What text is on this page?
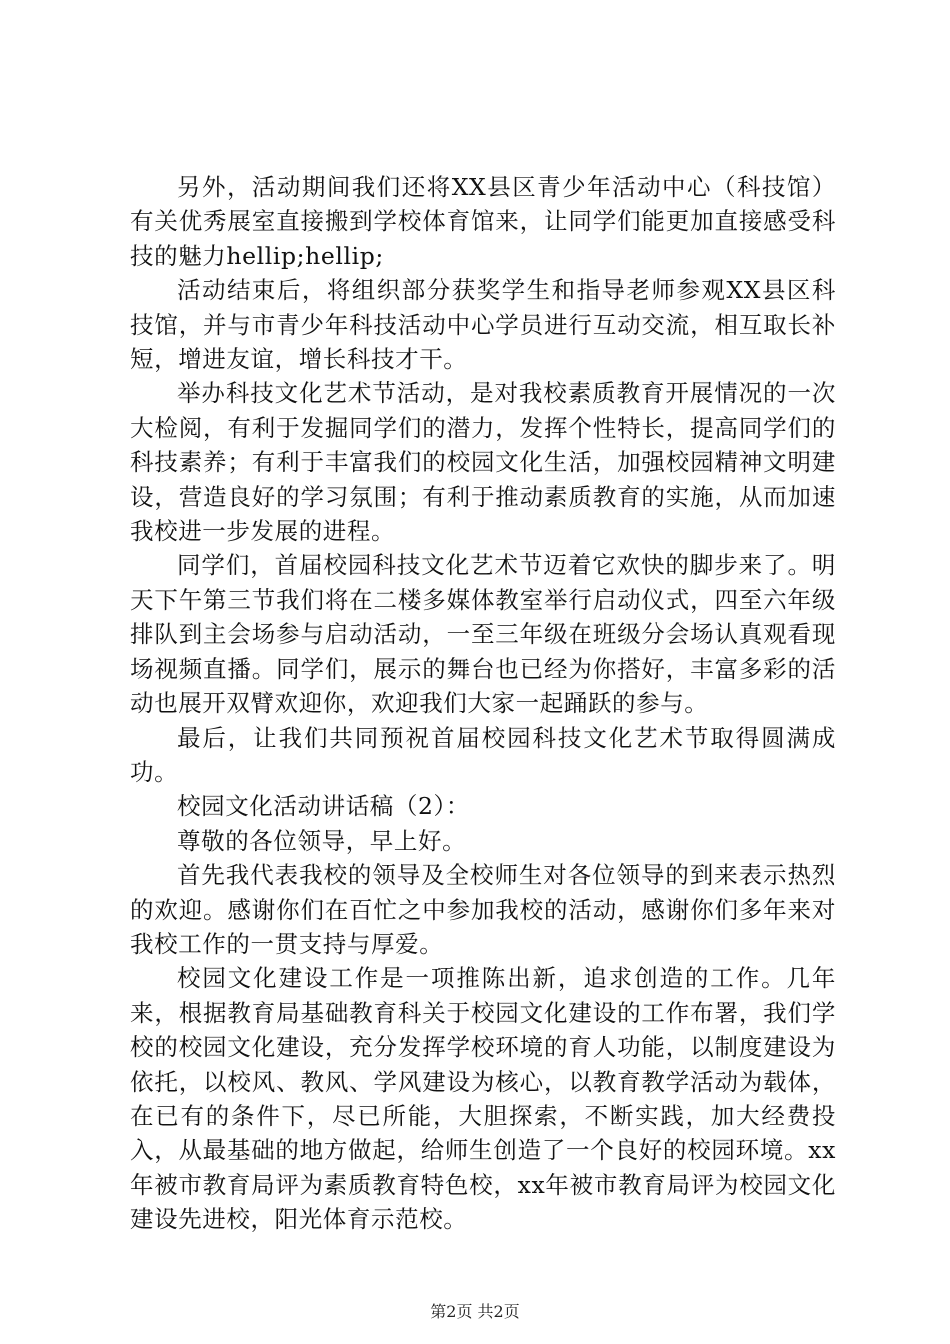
另外，活动期间我们还将XX县区青少年活动中心（科技馆）有关优秀展室直接搬到学校体育馆来，让同学们能更加直接感受科技的魅力hellip;hellip;

活动结束后，将组织部分获奖学生和指导老师参观XX县区科技馆，并与市青少年科技活动中心学员进行互动交流，相互取长补短，增进友谊，增长科技才干。

举办科技文化艺术节活动，是对我校素质教育开展情况的一次大检阅，有利于发掘同学们的潜力，发挥个性特长，提高同学们的科技素养；有利于丰富我们的校园文化生活，加强校园精神文明建设，营造良好的学习氛围；有利于推动素质教育的实施，从而加速我校进一步发展的进程。

同学们，首届校园科技文化艺术节迈着它欢快的脚步来了。明天下午第三节我们将在二楼多媒体教室举行启动仪式，四至六年级排队到主会场参与启动活动，一至三年级在班级分会场认真观看现场视频直播。同学们，展示的舞台也已经为你搭好，丰富多彩的活动也展开双臂欢迎你，欢迎我们大家一起踊跃的参与。

最后，让我们共同预祝首届校园科技文化艺术节取得圆满成功。

校园文化活动讲话稿（2）：

尊敬的各位领导，早上好。

首先我代表我校的领导及全校师生对各位领导的到来表示热烈的欢迎。感谢你们在百忙之中参加我校的活动，感谢你们多年来对我校工作的一贯支持与厚爱。

校园文化建设工作是一项推陈出新，追求创造的工作。几年来，根据教育局基础教育科关于校园文化建设的工作布署，我们学校的校园文化建设，充分发挥学校环境的育人功能，以制度建设为依托，以校风、教风、学风建设为核心，以教育教学活动为载体，在已有的条件下，尽已所能，大胆探索，不断实践，加大经费投入，从最基础的地方做起，给师生创造了一个良好的校园环境。xx年被市教育局评为素质教育特色校，xx年被市教育局评为校园文化建设先进校，阳光体育示范校。

第2页 共2页
